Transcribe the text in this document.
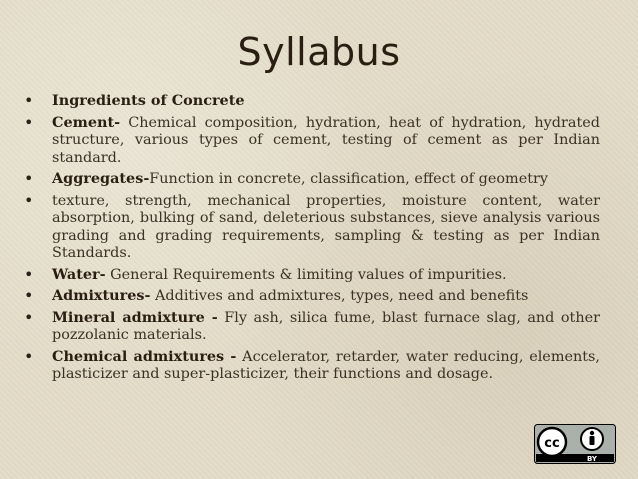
Syllabus
• Ingredients of Concrete
• Cement- Chemical composition, hydration, heat of hydration, hydrated structure, various types of cement, testing of cement as per Indian standard.
• Aggregates-Function in concrete, classification, effect of geometry
• texture, strength, mechanical properties, moisture content, water absorption, bulking of sand, deleterious substances, sieve analysis various grading and grading requirements, sampling & testing as per Indian Standards.
• Water- General Requirements & limiting values of impurities.
• Admixtures- Additives and admixtures, types, need and benefits
• Mineral admixture - Fly ash, silica fume, blast furnace slag, and other pozzolanic materials.
• Chemical admixtures - Accelerator, retarder, water reducing, elements, plasticizer and super-plasticizer, their functions and dosage.
cc
BY
